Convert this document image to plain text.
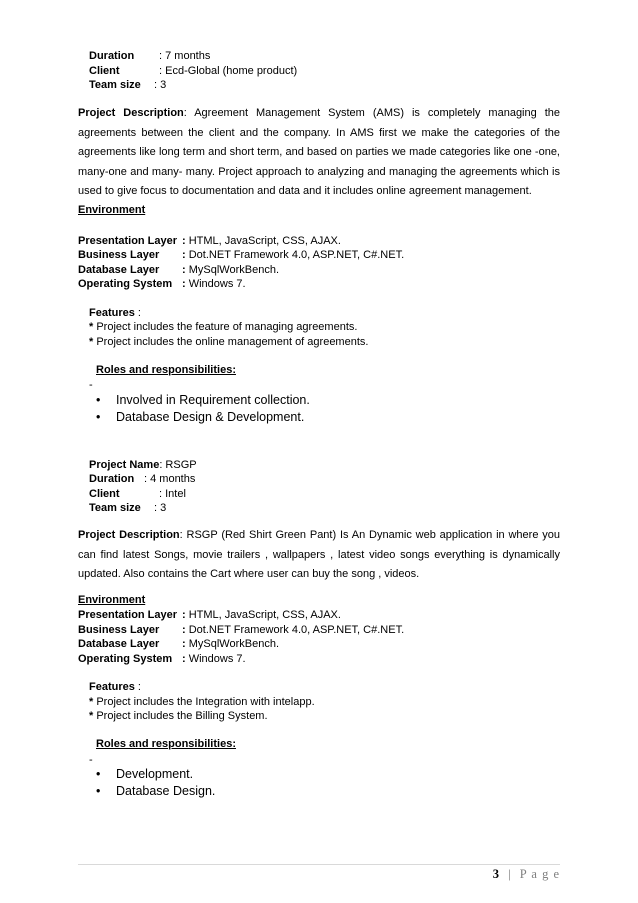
Duration : 7 months
Client	: Ecd-Global (home product)
Team size : 3
Project Description: Agreement Management System (AMS) is completely managing the agreements between the client and the company. In AMS first we make the categories of the agreements like long term and short term, and based on parties we made categories like one -one, many-one and many- many. Project approach to analyzing and managing the agreements which is used to give focus to documentation and data and it includes online agreement management.
Environment
Presentation Layer : HTML, JavaScript, CSS, AJAX.
Business Layer : Dot.NET Framework 4.0, ASP.NET, C#.NET.
Database Layer : MySqlWorkBench.
Operating System : Windows 7.
Features :
* Project includes the feature of managing agreements.
* Project includes the online management of agreements.
Roles and responsibilities:
-
• Involved in Requirement collection.
• Database Design & Development.
Project Name: RSGP
Duration : 4 months
Client	: Intel
Team size : 3
Project Description: RSGP (Red Shirt Green Pant) Is An Dynamic web application in where you can find latest Songs, movie trailers , wallpapers , latest video songs everything is dynamically updated. Also contains the Cart where user can buy the song , videos.
Environment
Presentation Layer : HTML, JavaScript, CSS, AJAX.
Business Layer : Dot.NET Framework 4.0, ASP.NET, C#.NET.
Database Layer : MySqlWorkBench.
Operating System : Windows 7.
Features :
* Project includes the Integration with intelapp.
* Project includes the Billing System.
Roles and responsibilities:
-
• Development.
• Database Design.
3 | P a g e
